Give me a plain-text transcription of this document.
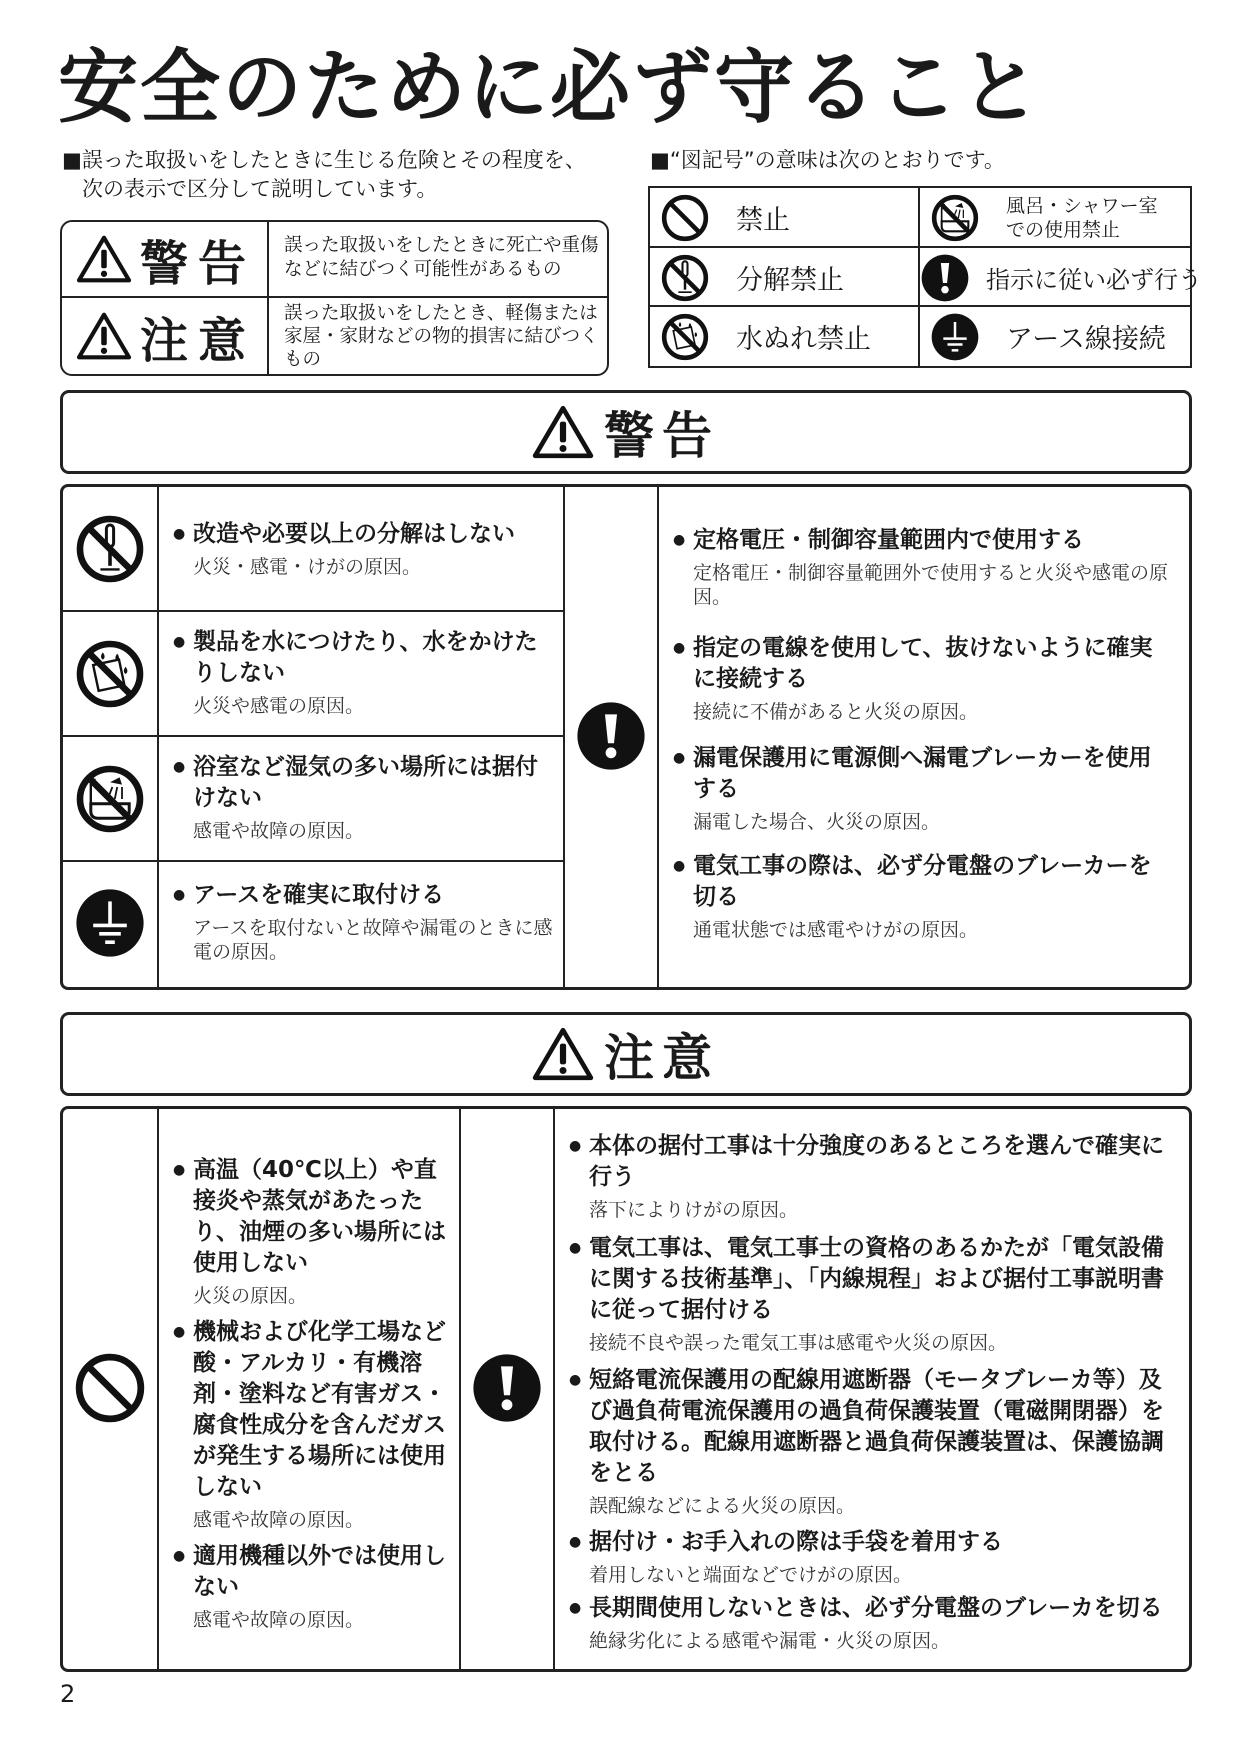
安全のために必ず守ること
■誤った取扱いをしたときに生じる危険とその程度を、
次の表示で区分して説明しています。
■“図記号”の意味は次のとおりです。
警告 誤った取扱いをしたときに死亡や重傷などに結びつく可能性があるもの
注意 誤った取扱いをしたとき、軽傷または家屋・家財などの物的損害に結びつくもの
禁止	風呂・シャワー室での使用禁止
分解禁止	指示に従い必ず行う
水ぬれ禁止	アース線接続
警告
● 改造や必要以上の分解はしない
火災・感電・けがの原因。
● 製品を水につけたり、水をかけたりしない
火災や感電の原因。
● 浴室など湿気の多い場所には据付けない
感電や故障の原因。
● アースを確実に取付ける
アースを取付ないと故障や漏電のときに感電の原因。
● 定格電圧・制御容量範囲内で使用する
定格電圧・制御容量範囲外で使用すると火災や感電の原因。
● 指定の電線を使用して、抜けないように確実に接続する
接続に不備があると火災の原因。
● 漏電保護用に電源側へ漏電ブレーカーを使用する
漏電した場合、火災の原因。
● 電気工事の際は、必ず分電盤のブレーカーを切る
通電状態では感電やけがの原因。
注意
● 高温（40℃以上）や直接炎や蒸気があたったり、油煙の多い場所には使用しない
火災の原因。
● 機械および化学工場など酸・アルカリ・有機溶剤・塗料など有害ガス・腐食性成分を含んだガスが発生する場所には使用しない
感電や故障の原因。
● 適用機種以外では使用しない
感電や故障の原因。
● 本体の据付工事は十分強度のあるところを選んで確実に行う
落下によりけがの原因。
● 電気工事は、電気工事士の資格のあるかたが「電気設備に関する技術基準」、「内線規程」および据付工事説明書に従って据付ける
接続不良や誤った電気工事は感電や火災の原因。
● 短絡電流保護用の配線用遮断器（モータブレーカ等）及び過負荷電流保護用の過負荷保護装置（電磁開閉器）を取付ける。配線用遮断器と過負荷保護装置は、保護協調をとる
誤配線などによる火災の原因。
● 据付け・お手入れの際は手袋を着用する
着用しないと端面などでけがの原因。
● 長期間使用しないときは、必ず分電盤のブレーカを切る
絶縁劣化による感電や漏電・火災の原因。
2
